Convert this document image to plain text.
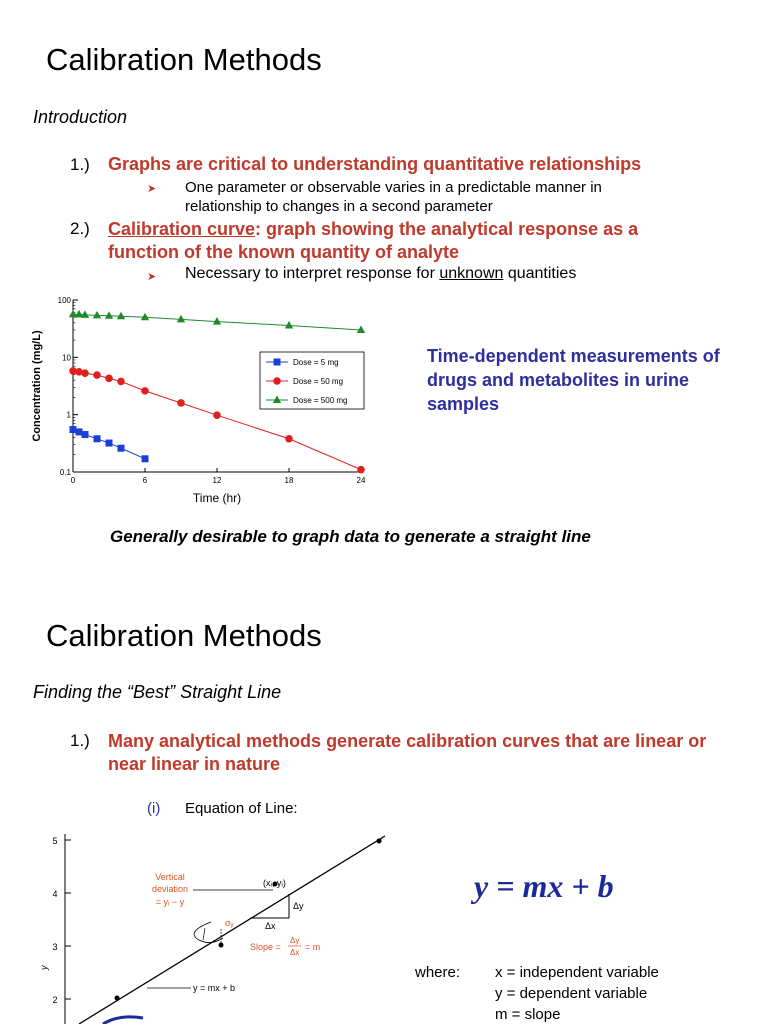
Calibration Methods
Introduction
1.) Graphs are critical to understanding quantitative relationships
➤ One parameter or observable varies in a predictable manner in
relationship to changes in a second parameter
2.) Calibration curve: graph showing the analytical response as a
function of the known quantity of analyte
➤ Necessary to interpret response for unknown quantities
0	6	12	18	24
0.1
1
10
100
Time (hr)
Concentration (mg/L)	Dose = 5 mg
Dose = 50 mg
Dose = 500 mg
Time-dependent measurements of
drugs and metabolites in urine
samples
Generally desirable to graph data to generate a straight line
Calibration Methods
Finding the “Best” Straight Line
1.) Many analytical methods generate calibration curves that are linear or
near linear in nature
(i) Equation of Line:
5
4
3
2
y
Δy
Δx
(xᵢ, yᵢ)
Vertical
deviation
= yᵢ − y
σᵧ
Slope =
Δy
Δx
= m
y = mx + b
y = mx + b
where: x = independent variable
y = dependent variable
m = slope
